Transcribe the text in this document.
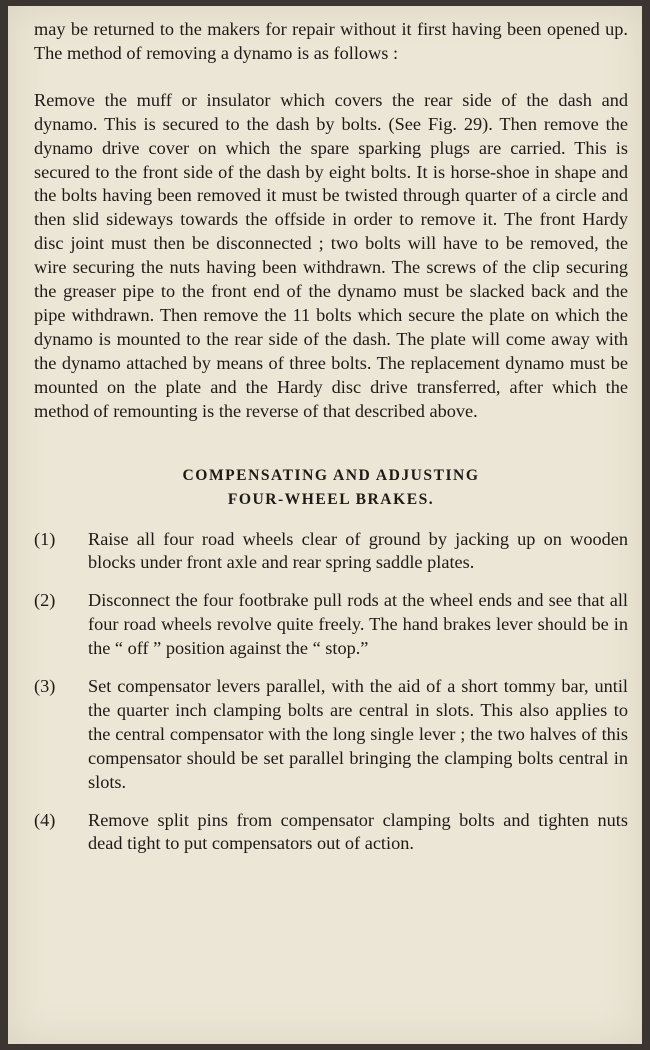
may be returned to the makers for repair without it first having been opened up. The method of removing a dynamo is as follows :

Remove the muff or insulator which covers the rear side of the dash and dynamo. This is secured to the dash by bolts. (See Fig. 29). Then remove the dynamo drive cover on which the spare sparking plugs are carried. This is secured to the front side of the dash by eight bolts. It is horse-shoe in shape and the bolts having been removed it must be twisted through quarter of a circle and then slid sideways towards the offside in order to remove it. The front Hardy disc joint must then be disconnected ; two bolts will have to be removed, the wire securing the nuts having been withdrawn. The screws of the clip securing the greaser pipe to the front end of the dynamo must be slacked back and the pipe withdrawn. Then remove the 11 bolts which secure the plate on which the dynamo is mounted to the rear side of the dash. The plate will come away with the dynamo attached by means of three bolts. The replacement dynamo must be mounted on the plate and the Hardy disc drive transferred, after which the method of remounting is the reverse of that described above.

COMPENSATING AND ADJUSTING
FOUR-WHEEL BRAKES.

(1)	Raise all four road wheels clear of ground by jacking up on wooden blocks under front axle and rear spring saddle plates.
(2)	Disconnect the four footbrake pull rods at the wheel ends and see that all four road wheels revolve quite freely. The hand brakes lever should be in the “ off ” position against the “ stop.”
(3)	Set compensator levers parallel, with the aid of a short tommy bar, until the quarter inch clamping bolts are central in slots. This also applies to the central compensator with the long single lever ; the two halves of this compensator should be set parallel bringing the clamping bolts central in slots.
(4)	Remove split pins from compensator clamping bolts and tighten nuts dead tight to put compensators out of action.
